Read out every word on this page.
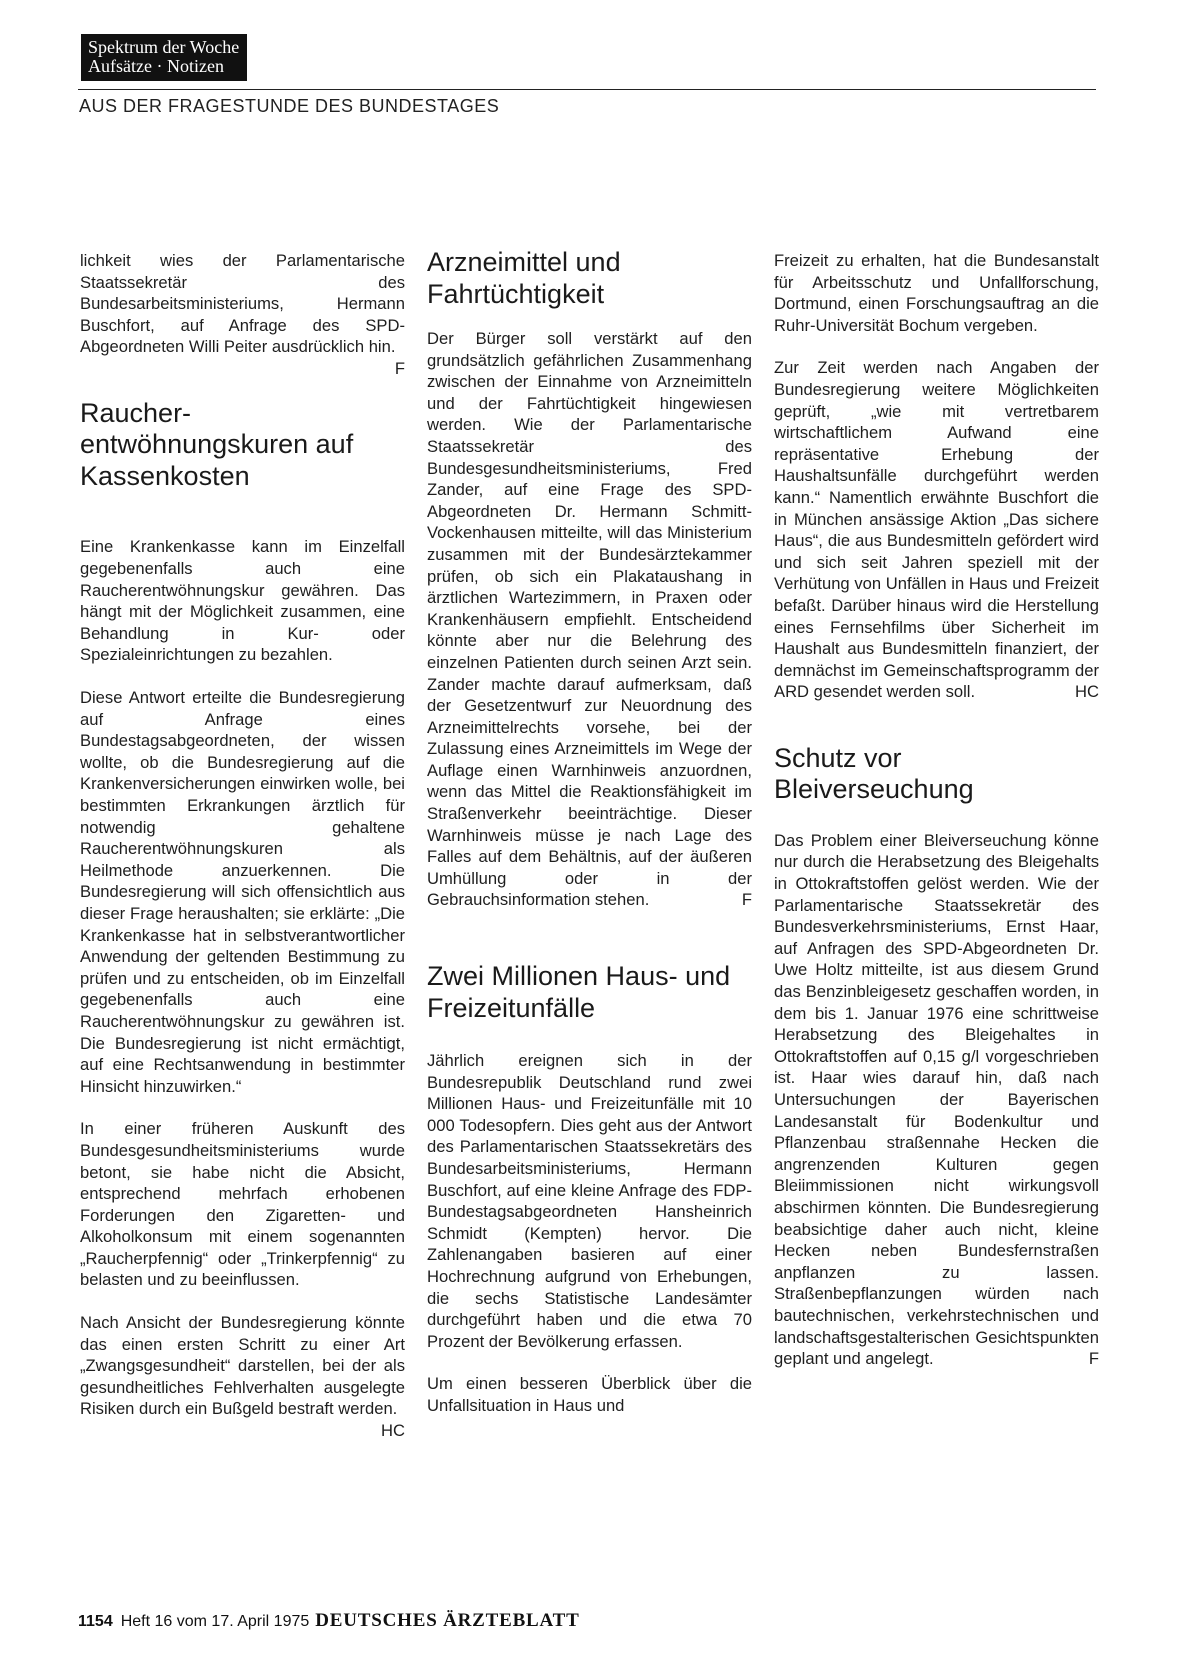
Spektrum der Woche
Aufsätze · Notizen
AUS DER FRAGESTUNDE DES BUNDESTAGES

lichkeit wies der Parlamentarische Staatssekretär des Bundesarbeitsministeriums, Hermann Buschfort, auf Anfrage des SPD-Abgeordneten Willi Peiter ausdrücklich hin.
F

Raucher-entwöhnungskuren auf Kassenkosten

Eine Krankenkasse kann im Einzelfall gegebenenfalls auch eine Raucherentwöhnungskur gewähren. Das hängt mit der Möglichkeit zusammen, eine Behandlung in Kur- oder Spezialeinrichtungen zu bezahlen.

Diese Antwort erteilte die Bundesregierung auf Anfrage eines Bundestagsabgeordneten, der wissen wollte, ob die Bundesregierung auf die Krankenversicherungen einwirken wolle, bei bestimmten Erkrankungen ärztlich für notwendig gehaltene Raucherentwöhnungskuren als Heilmethode anzuerkennen. Die Bundesregierung will sich offensichtlich aus dieser Frage heraushalten; sie erklärte: „Die Krankenkasse hat in selbstverantwortlicher Anwendung der geltenden Bestimmung zu prüfen und zu entscheiden, ob im Einzelfall gegebenenfalls auch eine Raucherentwöhnungskur zu gewähren ist. Die Bundesregierung ist nicht ermächtigt, auf eine Rechtsanwendung in bestimmter Hinsicht hinzuwirken.“

In einer früheren Auskunft des Bundesgesundheitsministeriums wurde betont, sie habe nicht die Absicht, entsprechend mehrfach erhobenen Forderungen den Zigaretten- und Alkoholkonsum mit einem sogenannten „Raucherpfennig“ oder „Trinkerpfennig“ zu belasten und zu beeinflussen.

Nach Ansicht der Bundesregierung könnte das einen ersten Schritt zu einer Art „Zwangsgesundheit“ darstellen, bei der als gesundheitliches Fehlverhalten ausgelegte Risiken durch ein Bußgeld bestraft werden.
HC

Arzneimittel und Fahrtüchtigkeit

Der Bürger soll verstärkt auf den grundsätzlich gefährlichen Zusammenhang zwischen der Einnahme von Arzneimitteln und der Fahrtüchtigkeit hingewiesen werden. Wie der Parlamentarische Staatssekretär des Bundesgesundheitsministeriums, Fred Zander, auf eine Frage des SPD-Abgeordneten Dr. Hermann Schmitt-Vockenhausen mitteilte, will das Ministerium zusammen mit der Bundesärztekammer prüfen, ob sich ein Plakataushang in ärztlichen Wartezimmern, in Praxen oder Krankenhäusern empfiehlt. Entscheidend könnte aber nur die Belehrung des einzelnen Patienten durch seinen Arzt sein. Zander machte darauf aufmerksam, daß der Gesetzentwurf zur Neuordnung des Arzneimittelrechts vorsehe, bei der Zulassung eines Arzneimittels im Wege der Auflage einen Warnhinweis anzuordnen, wenn das Mittel die Reaktionsfähigkeit im Straßenverkehr beeinträchtige. Dieser Warnhinweis müsse je nach Lage des Falles auf dem Behältnis, auf der äußeren Umhüllung oder in der Gebrauchsinformation stehen.	F

Zwei Millionen Haus- und Freizeitunfälle

Jährlich ereignen sich in der Bundesrepublik Deutschland rund zwei Millionen Haus- und Freizeitunfälle mit 10 000 Todesopfern. Dies geht aus der Antwort des Parlamentarischen Staatssekretärs des Bundesarbeitsministeriums, Hermann Buschfort, auf eine kleine Anfrage des FDP-Bundestagsabgeordneten Hansheinrich Schmidt (Kempten) hervor. Die Zahlenangaben basieren auf einer Hochrechnung aufgrund von Erhebungen, die sechs Statistische Landesämter durchgeführt haben und die etwa 70 Prozent der Bevölkerung erfassen.

Um einen besseren Überblick über die Unfallsituation in Haus und

Freizeit zu erhalten, hat die Bundesanstalt für Arbeitsschutz und Unfallforschung, Dortmund, einen Forschungsauftrag an die Ruhr-Universität Bochum vergeben.

Zur Zeit werden nach Angaben der Bundesregierung weitere Möglichkeiten geprüft, „wie mit vertretbarem wirtschaftlichem Aufwand eine repräsentative Erhebung der Haushaltsunfälle durchgeführt werden kann.“ Namentlich erwähnte Buschfort die in München ansässige Aktion „Das sichere Haus“, die aus Bundesmitteln gefördert wird und sich seit Jahren speziell mit der Verhütung von Unfällen in Haus und Freizeit befaßt. Darüber hinaus wird die Herstellung eines Fernsehfilms über Sicherheit im Haushalt aus Bundesmitteln finanziert, der demnächst im Gemeinschaftsprogramm der ARD gesendet werden soll.	HC

Schutz vor Bleiverseuchung

Das Problem einer Bleiverseuchung könne nur durch die Herabsetzung des Bleigehalts in Ottokraftstoffen gelöst werden. Wie der Parlamentarische Staatssekretär des Bundesverkehrsministeriums, Ernst Haar, auf Anfragen des SPD-Abgeordneten Dr. Uwe Holtz mitteilte, ist aus diesem Grund das Benzinbleigesetz geschaffen worden, in dem bis 1. Januar 1976 eine schrittweise Herabsetzung des Bleigehaltes in Ottokraftstoffen auf 0,15 g/l vorgeschrieben ist. Haar wies darauf hin, daß nach Untersuchungen der Bayerischen Landesanstalt für Bodenkultur und Pflanzenbau straßennahe Hecken die angrenzenden Kulturen gegen Bleiimmissionen nicht wirkungsvoll abschirmen könnten. Die Bundesregierung beabsichtige daher auch nicht, kleine Hecken neben Bundesfernstraßen anpflanzen zu lassen. Straßenbepflanzungen würden nach bautechnischen, verkehrstechnischen und landschaftsgestalterischen Gesichtspunkten geplant und angelegt.	F

1154 Heft 16 vom 17. April 1975 DEUTSCHES ÄRZTEBLATT
